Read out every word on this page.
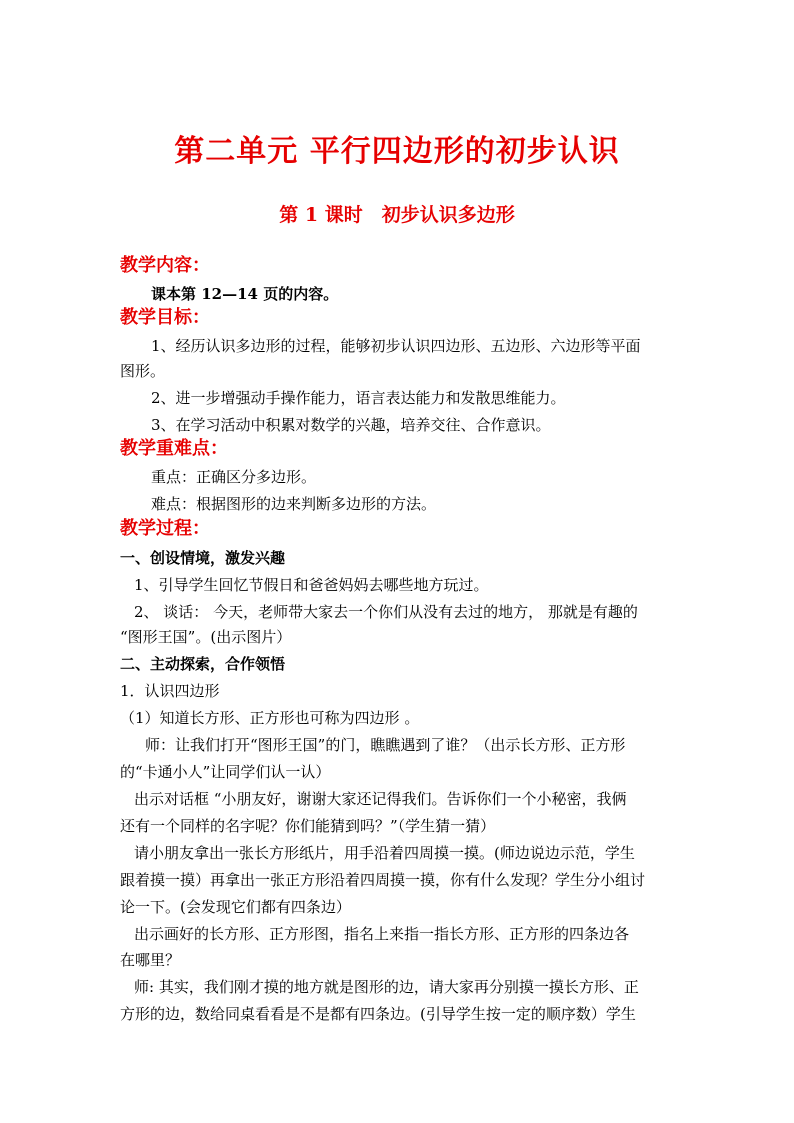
第二单元 平行四边形的初步认识
第 1 课时　初步认识多边形
教学内容：
课本第 12—14 页的内容。
教学目标：
1、经历认识多边形的过程，能够初步认识四边形、五边形、六边形等平面
图形。
2、进一步增强动手操作能力，语言表达能力和发散思维能力。
3、在学习活动中积累对数学的兴趣，培养交往、合作意识。
教学重难点：
重点：正确区分多边形。
难点：根据图形的边来判断多边形的方法。
教学过程：
一、创设情境，激发兴趣
1、引导学生回忆节假日和爸爸妈妈去哪些地方玩过。
2、 谈话： 今天，老师带大家去一个你们从没有去过的地方， 那就是有趣的
“图形王国”。(出示图片）
二、主动探索，合作领悟
1．认识四边形
（1）知道长方形、正方形也可称为四边形 。
师：让我们打开“图形王国”的门，瞧瞧遇到了谁？（出示长方形、正方形
的“卡通小人”让同学们认一认）
出示对话框 “小朋友好，谢谢大家还记得我们。告诉你们一个小秘密，我俩
还有一个同样的名字呢？你们能猜到吗？”（学生猜一猜）
请小朋友拿出一张长方形纸片，用手沿着四周摸一摸。(师边说边示范，学生
跟着摸一摸）再拿出一张正方形沿着四周摸一摸，你有什么发现？学生分小组讨
论一下。(会发现它们都有四条边）
出示画好的长方形、正方形图，指名上来指一指长方形、正方形的四条边各
在哪里？
师: 其实，我们刚才摸的地方就是图形的边，请大家再分别摸一摸长方形、正
方形的边，数给同桌看看是不是都有四条边。(引导学生按一定的顺序数）学生
